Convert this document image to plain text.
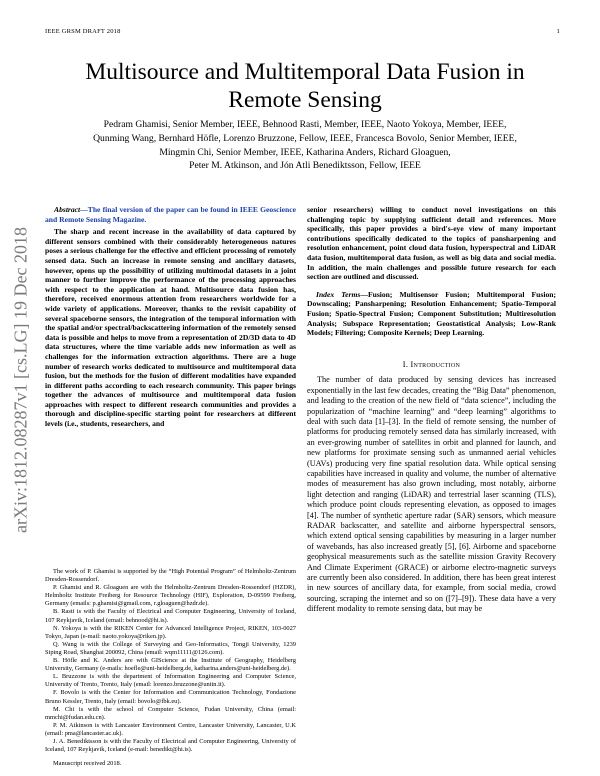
IEEE GRSM DRAFT 2018	1
arXiv:1812.08287v1 [cs.LG] 19 Dec 2018
Multisource and Multitemporal Data Fusion in Remote Sensing
Pedram Ghamisi, Senior Member, IEEE, Behnood Rasti, Member, IEEE, Naoto Yokoya, Member, IEEE,
Qunming Wang, Bernhard Höfle, Lorenzo Bruzzone, Fellow, IEEE, Francesca Bovolo, Senior Member, IEEE,
Mingmin Chi, Senior Member, IEEE, Katharina Anders, Richard Gloaguen,
Peter M. Atkinson, and Jón Atli Benediktsson, Fellow, IEEE

Abstract—The final version of the paper can be found in IEEE Geoscience and Remote Sensing Magazine.

The sharp and recent increase in the availability of data captured by different sensors combined with their considerably heterogeneous natures poses a serious challenge for the effective and efficient processing of remotely sensed data. Such an increase in remote sensing and ancillary datasets, however, opens up the possibility of utilizing multimodal datasets in a joint manner to further improve the performance of the processing approaches with respect to the application at hand. Multisource data fusion has, therefore, received enormous attention from researchers worldwide for a wide variety of applications. Moreover, thanks to the revisit capability of several spaceborne sensors, the integration of the temporal information with the spatial and/or spectral/backscattering information of the remotely sensed data is possible and helps to move from a representation of 2D/3D data to 4D data structures, where the time variable adds new information as well as challenges for the information extraction algorithms. There are a huge number of research works dedicated to multisource and multitemporal data fusion, but the methods for the fusion of different modalities have expanded in different paths according to each research community. This paper brings together the advances of multisource and multitemporal data fusion approaches with respect to different research communities and provides a thorough and discipline-specific starting point for researchers at different levels (i.e., students, researchers, and

The work of P. Ghamisi is supported by the “High Potential Program” of Helmholtz-Zentrum Dresden-Rossendorf.

P. Ghamisi and R. Gloaguen are with the Helmholtz-Zentrum Dresden-Rossendorf (HZDR), Helmholtz Institute Freiberg for Resource Technology (HIF), Exploration, D-09599 Freiberg, Germany (emails: p.ghamisi@gmail.com, r.gloaguen@hzdr.de).

B. Rasti is with the Faculty of Electrical and Computer Engineering, University of Iceland, 107 Reykjavik, Iceland (email: behnood@hi.is).

N. Yokoya is with the RIKEN Center for Advanced Intelligence Project, RIKEN, 103-0027 Tokyo, Japan (e-mail: naoto.yokoya@riken.jp).

Q. Wang is with the College of Surveying and Geo-Informatics, Tongji University, 1239 Siping Road, Shanghai 200092, China (email: wqm11111@126.com).

B. Höfle and K. Anders are with GIScience at the Institute of Geography, Heidelberg University, Germany (e-mails: hoefle@uni-heidelberg.de, katharina.anders@uni-heidelberg.de).

L. Bruzzone is with the department of Information Engineering and Computer Science, University of Trento, Trento, Italy (email: lorenzo.bruzzone@unitn.it).

F. Bovolo is with the Center for Information and Communication Technology, Fondazione Bruno Kessler, Trento, Italy (email: bovolo@fbk.eu).

M. Chi is with the school of Computer Science, Fudan University, China (email: mmchi@fudan.edu.cn).

P. M. Atkinson is with Lancaster Environment Centre, Lancaster University, Lancaster, U.K (email: pma@lancaster.ac.uk).

J. A. Benediktsson is with the Faculty of Electrical and Computer Engineering, University of Iceland, 107 Reykjavik, Iceland (e-mail: benedikt@hi.is).

Manuscript received 2018.

senior researchers) willing to conduct novel investigations on this challenging topic by supplying sufficient detail and references. More specifically, this paper provides a bird's-eye view of many important contributions specifically dedicated to the topics of pansharpening and resolution enhancement, point cloud data fusion, hyperspectral and LiDAR data fusion, multitemporal data fusion, as well as big data and social media. In addition, the main challenges and possible future research for each section are outlined and discussed.

Index Terms—Fusion; Multisensor Fusion; Multitemporal Fusion; Downscaling; Pansharpening; Resolution Enhancement; Spatio-Temporal Fusion; Spatio-Spectral Fusion; Component Substitution; Multiresolution Analysis; Subspace Representation; Geostatistical Analysis; Low-Rank Models; Filtering; Composite Kernels; Deep Learning.

I. Introduction

The number of data produced by sensing devices has increased exponentially in the last few decades, creating the “Big Data” phenomenon, and leading to the creation of the new field of “data science”, including the popularization of “machine learning” and “deep learning” algorithms to deal with such data [1]–[3]. In the field of remote sensing, the number of platforms for producing remotely sensed data has similarly increased, with an ever-growing number of satellites in orbit and planned for launch, and new platforms for proximate sensing such as unmanned aerial vehicles (UAVs) producing very fine spatial resolution data. While optical sensing capabilities have increased in quality and volume, the number of alternative modes of measurement has also grown including, most notably, airborne light detection and ranging (LiDAR) and terrestrial laser scanning (TLS), which produce point clouds representing elevation, as opposed to images [4]. The number of synthetic aperture radar (SAR) sensors, which measure RADAR backscatter, and satellite and airborne hyperspectral sensors, which extend optical sensing capabilities by measuring in a larger number of wavebands, has also increased greatly [5], [6]. Airborne and spaceborne geophysical measurements such as the satellite mission Gravity Recovery And Climate Experiment (GRACE) or airborne electro-magnetic surveys are currently been also considered. In addition, there has been great interest in new sources of ancillary data, for example, from social media, crowd sourcing, scraping the internet and so on ([7]–[9]). These data have a very different modality to remote sensing data, but may be
